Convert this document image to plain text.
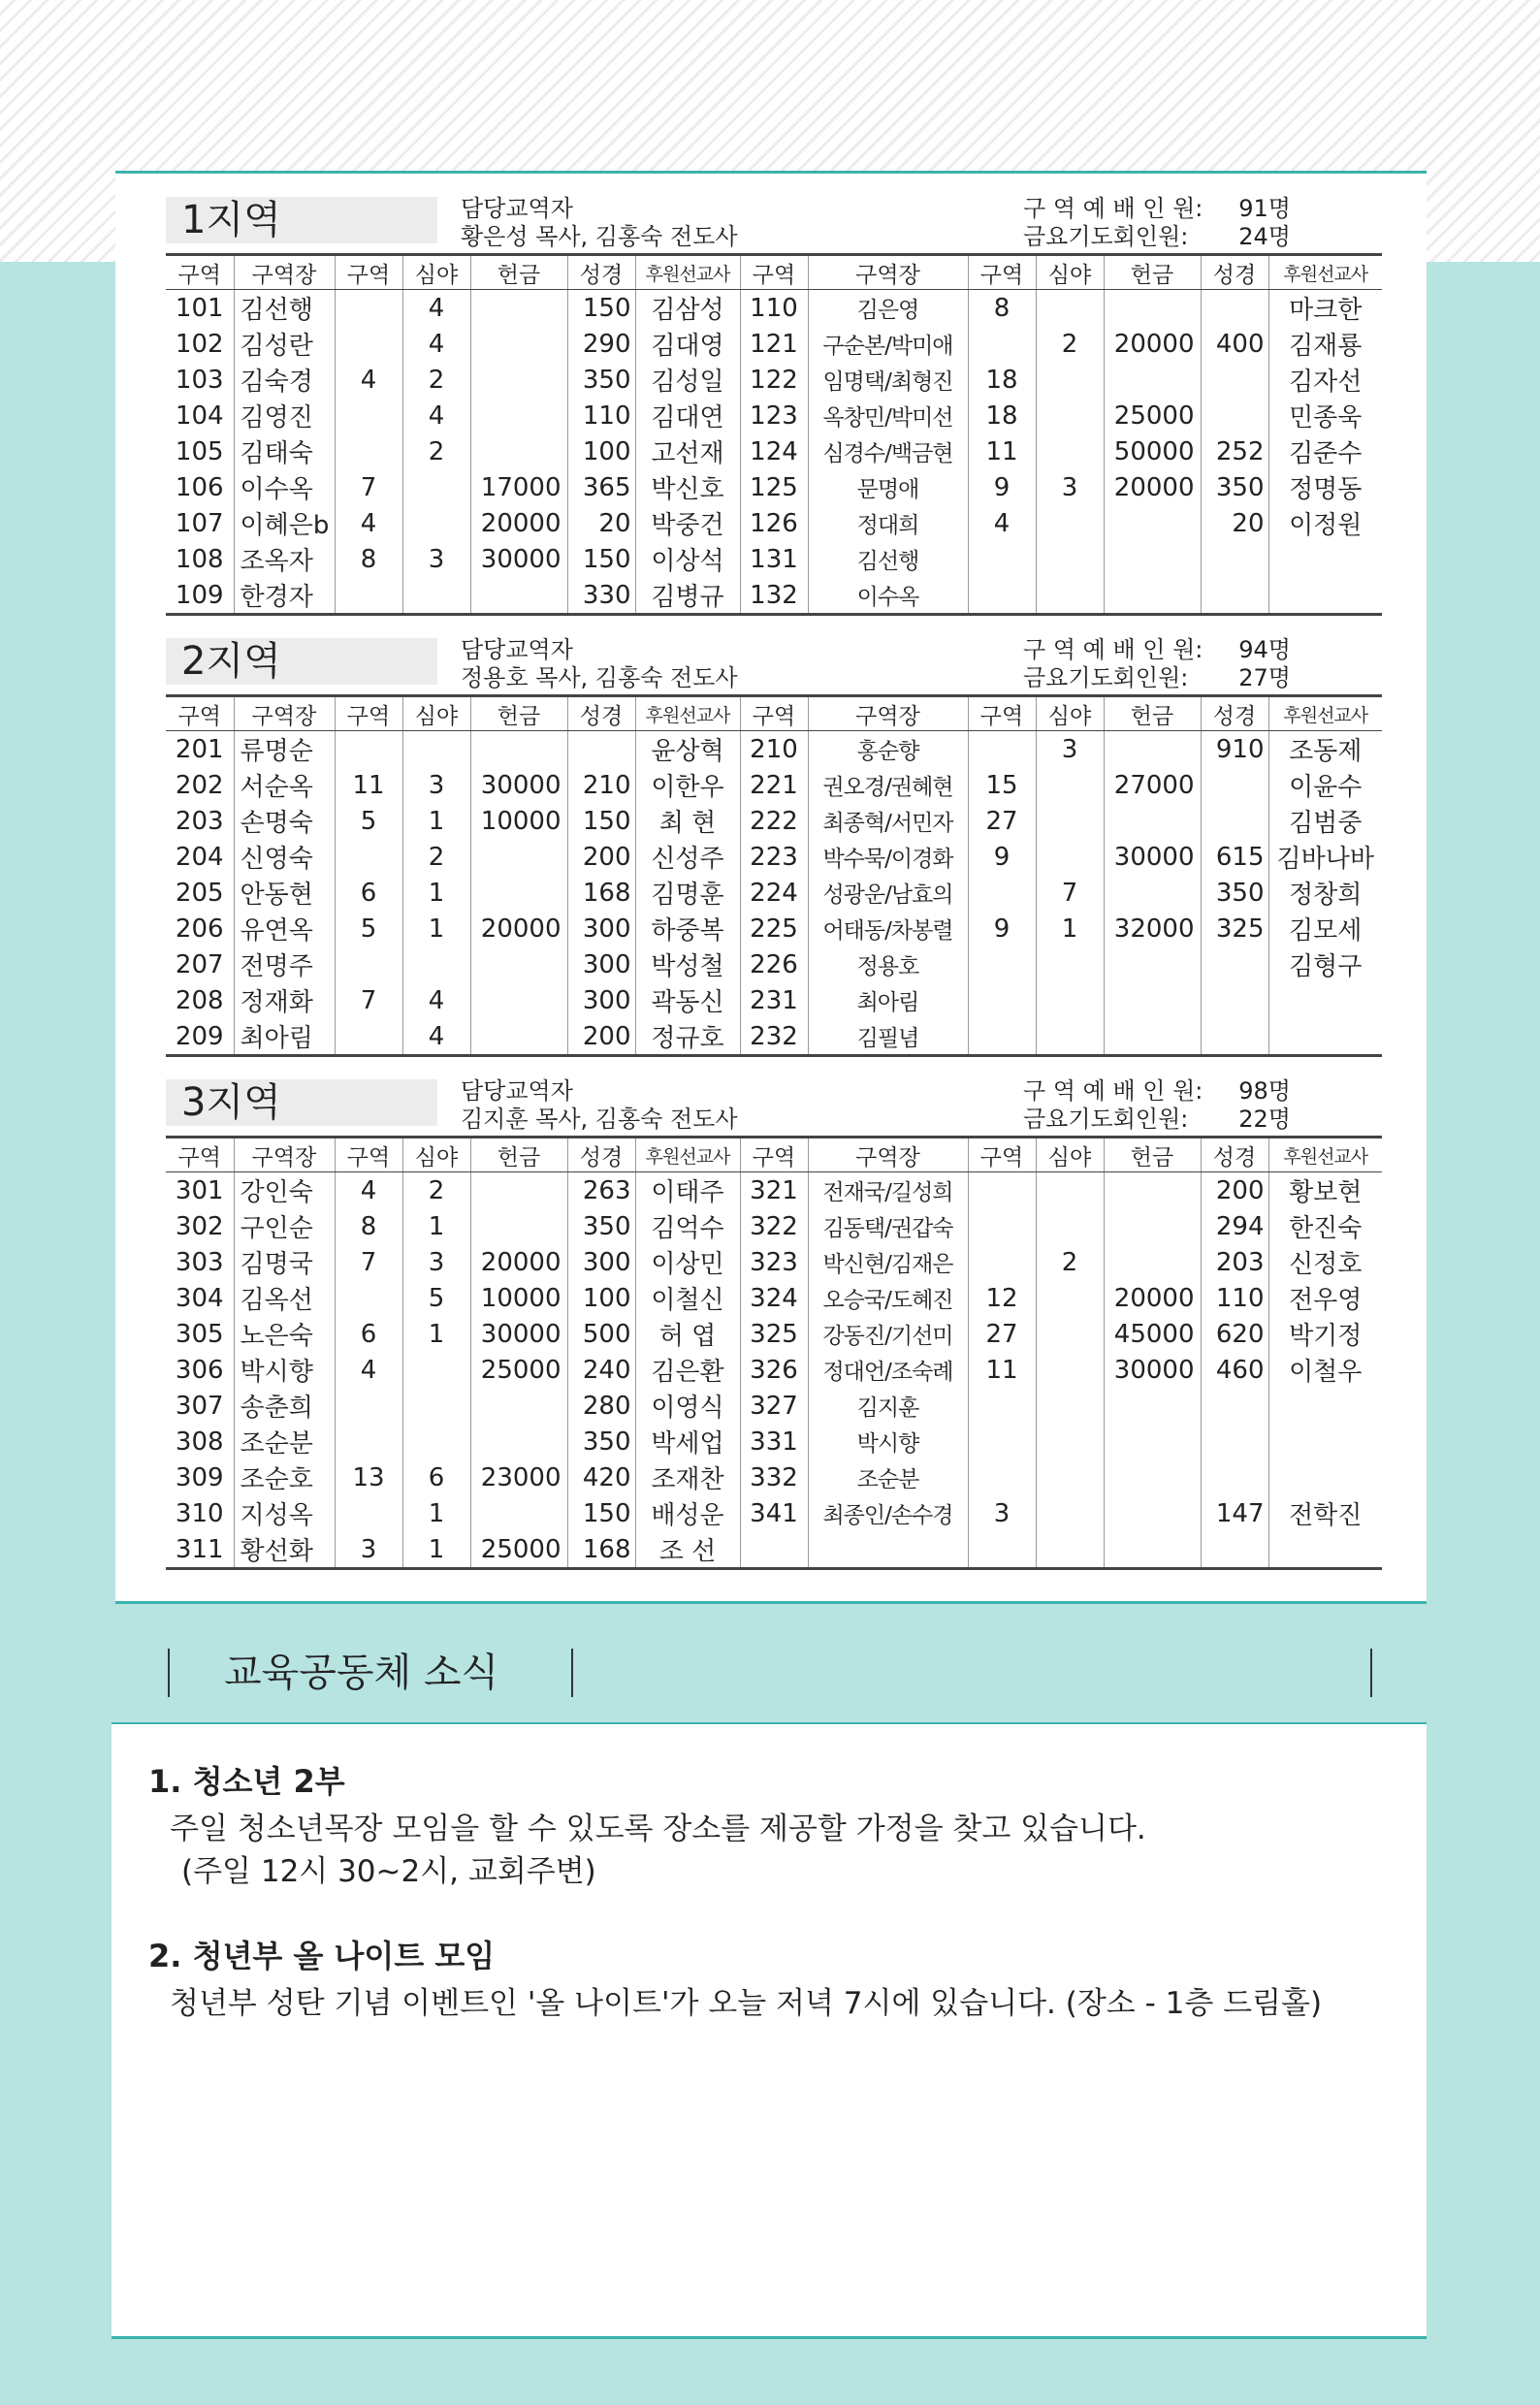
1지역	담당교역자
황은성 목사, 김홍숙 전도사
구 역 예 배 인 원:	91명
금요기도회인원:	24명
구역	구역장	구역	심야	헌금	성경	후원선교사	구역	구역장	구역	심야	헌금	성경	후원선교사
101	김선행		4		150	김삼성	110	김은영	8				마크한
102	김성란		4		290	김대영	121	구순본/박미애		2	20000	400	김재룡
103	김숙경	4	2		350	김성일	122	임명택/최형진	18				김자선
104	김영진		4		110	김대연	123	옥창민/박미선	18		25000		민종욱
105	김태숙		2		100	고선재	124	심경수/백금현	11		50000	252	김준수
106	이수옥	7		17000	365	박신호	125	문명애	9	3	20000	350	정명동
107	이혜은b	4		20000	20	박중건	126	정대희	4			20	이정원
108	조옥자	8	3	30000	150	이상석	131	김선행					
109	한경자				330	김병규	132	이수옥					
2지역	담당교역자
정용호 목사, 김홍숙 전도사
구 역 예 배 인 원:	94명
금요기도회인원:	27명
구역	구역장	구역	심야	헌금	성경	후원선교사	구역	구역장	구역	심야	헌금	성경	후원선교사
201	류명순					윤상혁	210	홍순향		3		910	조동제
202	서순옥	11	3	30000	210	이한우	221	권오경/권혜현	15		27000		이윤수
203	손명숙	5	1	10000	150	최 현	222	최종혁/서민자	27				김범중
204	신영숙		2		200	신성주	223	박수묵/이경화	9		30000	615	김바나바
205	안동현	6	1		168	김명훈	224	성광운/남효의		7		350	정창희
206	유연옥	5	1	20000	300	하중복	225	어태동/차봉렬	9	1	32000	325	김모세
207	전명주				300	박성철	226	정용호					김형구
208	정재화	7	4		300	곽동신	231	최아림					
209	최아림		4		200	정규호	232	김필념					
3지역	담당교역자
김지훈 목사, 김홍숙 전도사
구 역 예 배 인 원:	98명
금요기도회인원:	22명
구역	구역장	구역	심야	헌금	성경	후원선교사	구역	구역장	구역	심야	헌금	성경	후원선교사
301	강인숙	4	2		263	이태주	321	전재국/길성희				200	황보현
302	구인순	8	1		350	김억수	322	김동택/권갑숙				294	한진숙
303	김명국	7	3	20000	300	이상민	323	박신현/김재은		2		203	신정호
304	김옥선		5	10000	100	이철신	324	오승국/도혜진	12		20000	110	전우영
305	노은숙	6	1	30000	500	허 엽	325	강동진/기선미	27		45000	620	박기정
306	박시향	4		25000	240	김은환	326	정대언/조숙례	11		30000	460	이철우
307	송춘희				280	이영식	327	김지훈					
308	조순분				350	박세업	331	박시향					
309	조순호	13	6	23000	420	조재찬	332	조순분					
310	지성옥		1		150	배성운	341	최종인/손수경	3			147	전학진
311	황선화	3	1	25000	168	조 선							
교육공동체 소식
1. 청소년 2부
주일 청소년목장 모임을 할 수 있도록 장소를 제공할 가정을 찾고 있습니다.
(주일 12시 30~2시, 교회주변)
2. 청년부 올 나이트 모임
청년부 성탄 기념 이벤트인 '올 나이트'가 오늘 저녁 7시에 있습니다. (장소 - 1층 드림홀)
